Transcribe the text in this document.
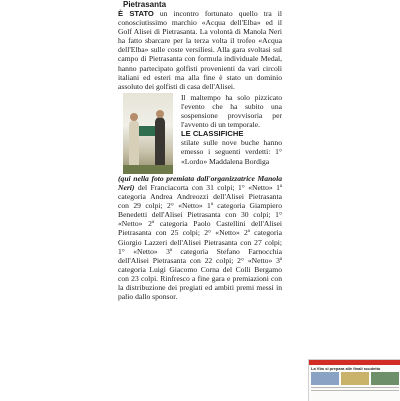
Pietrasanta

È STATO un incontro fortunato quello tra il conosciutissimo marchio «Acqua dell'Elba» ed il Golf Alisei di Pietrasanta. La volontà di Manola Neri ha fatto sbarcare per la terza volta il trofeo «Acqua dell'Elba» sulle coste versiliesi. Alla gara svoltasi sul campo di Pietrasanta con formula individuale Medal, hanno partecipato golfisti provenienti da vari circoli italiani ed esteri ma alla fine è stato un dominio assoluto dei golfisti di casa dell'Alisei.

Il maltempo ha solo pizzicato l'evento che ha subito una sospensione provvisoria per l'avvento di un temporale.

LE CLASSIFICHE
stilate sulle nove buche hanno emesso i seguenti verdetti: 1° «Lordo» Maddalena Bordiga

(qui nella foto premiata dall'organizzatrice Manola Neri) del Franciacorta con 31 colpi; 1° «Netto» 1ª categoria Andrea Andreozzi dell'Alisei Pietrasanta con 29 colpi; 2° «Netto» 1ª categoria Giampiero Benedetti dell'Alisei Pietrasanta con 30 colpi; 1° «Netto» 2ª categoria Paolo Castellini dell'Alisei Pietrasanta con 25 colpi; 2° «Netto» 2ª categoria Giorgio Lazzeri dell'Alisei Pietrasanta con 27 colpi; 1° «Netto» 3ª categoria Stefano Farnocchia dell'Alisei Pietrasanta con 22 colpi; 2° «Netto» 3ª categoria Luigi Giacomo Corna del Colli Bergamo con 23 colpi. Rinfresco a fine gara e premiazioni con la distribuzione dei pregiati ed ambiti premi messi in palio dallo sponsor.

La Vbs si prepara alle finali scudetto
